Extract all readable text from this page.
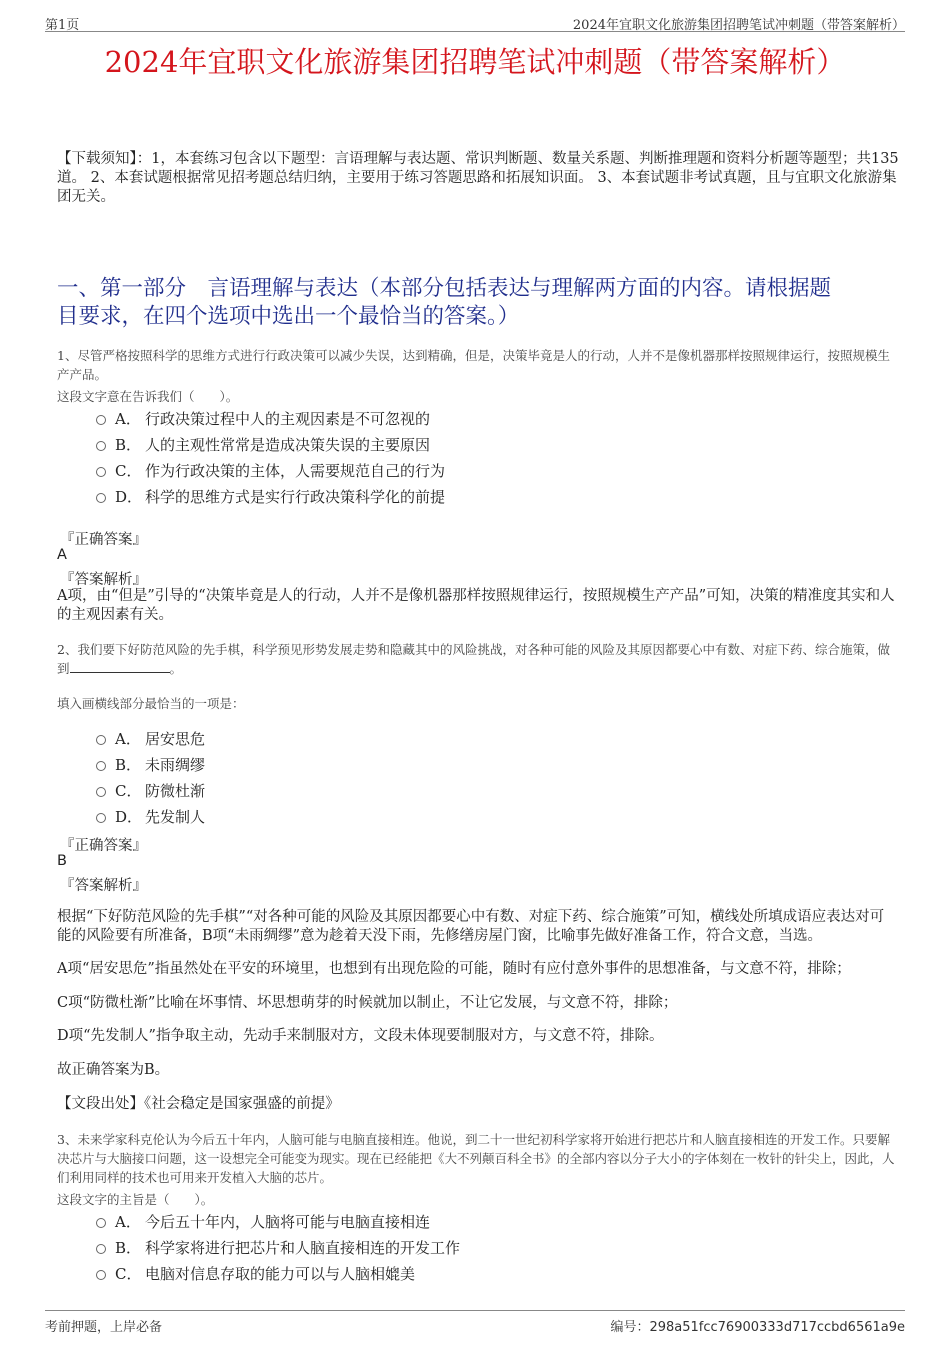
第1页	2024年宜职文化旅游集团招聘笔试冲刺题（带答案解析）
2024年宜职文化旅游集团招聘笔试冲刺题（带答案解析）
【下载须知】：1，本套练习包含以下题型：言语理解与表达题、常识判断题、数量关系题、判断推理题和资料分析题等题型；共135道。 2、本套试题根据常见招考题总结归纳，主要用于练习答题思路和拓展知识面。 3、本套试题非考试真题，且与宜职文化旅游集团无关。
一、第一部分　言语理解与表达（本部分包括表达与理解两方面的内容。请根据题
目要求，在四个选项中选出一个最恰当的答案。）
1、尽管严格按照科学的思维方式进行行政决策可以减少失误，达到精确，但是，决策毕竟是人的行动，人并不是像机器那样按照规律运行，按照规模生产产品。
这段文字意在告诉我们（　　）。
A． 行政决策过程中人的主观因素是不可忽视的
B． 人的主观性常常是造成决策失误的主要原因
C． 作为行政决策的主体，人需要规范自己的行为
D． 科学的思维方式是实行行政决策科学化的前提
『正确答案』
A
『答案解析』
A项，由“但是”引导的“决策毕竟是人的行动，人并不是像机器那样按照规律运行，按照规模生产产品”可知，决策的精准度其实和人的主观因素有关。
2、我们要下好防范风险的先手棋，科学预见形势发展走势和隐藏其中的风险挑战，对各种可能的风险及其原因都要心中有数、对症下药、综合施策，做到	。
填入画横线部分最恰当的一项是：
A． 居安思危
B． 未雨绸缪
C． 防微杜渐
D． 先发制人
『正确答案』
B
『答案解析』
根据“下好防范风险的先手棋”“对各种可能的风险及其原因都要心中有数、对症下药、综合施策”可知，横线处所填成语应表达对可能的风险要有所准备，B项“未雨绸缪”意为趁着天没下雨，先修缮房屋门窗，比喻事先做好准备工作，符合文意，当选。
A项“居安思危”指虽然处在平安的环境里，也想到有出现危险的可能，随时有应付意外事件的思想准备，与文意不符，排除；
C项“防微杜渐”比喻在坏事情、坏思想萌芽的时候就加以制止，不让它发展，与文意不符，排除；
D项“先发制人”指争取主动，先动手来制服对方，文段未体现要制服对方，与文意不符，排除。
故正确答案为B。
【文段出处】《社会稳定是国家强盛的前提》
3、未来学家科克伦认为今后五十年内，人脑可能与电脑直接相连。他说，到二十一世纪初科学家将开始进行把芯片和人脑直接相连的开发工作。只要解决芯片与大脑接口问题，这一设想完全可能变为现实。现在已经能把《大不列颠百科全书》的全部内容以分子大小的字体刻在一枚针的针尖上，因此，人们利用同样的技术也可用来开发植入大脑的芯片。
这段文字的主旨是（　　）。
A． 今后五十年内，人脑将可能与电脑直接相连
B． 科学家将进行把芯片和人脑直接相连的开发工作
C． 电脑对信息存取的能力可以与人脑相媲美
考前押题，上岸必备	编号：298a51fcc76900333d717ccbd6561a9e
